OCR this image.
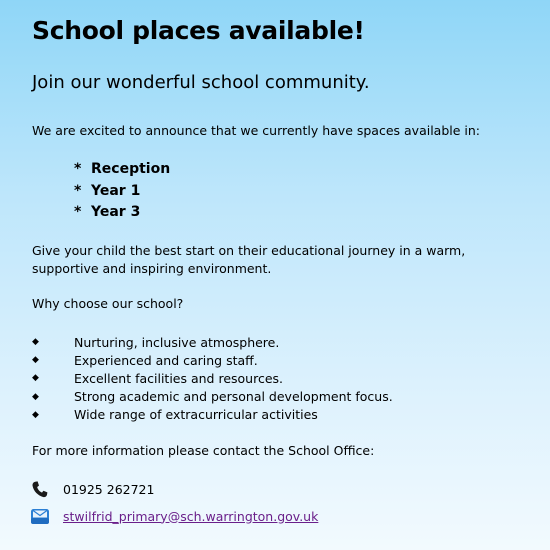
School places available!
Join our wonderful school community.
We are excited to announce that we currently have spaces available in:
* Reception
* Year 1
* Year 3
Give your child the best start on their educational journey in a warm, supportive and inspiring environment.
Why choose our school?
◆	Nurturing, inclusive atmosphere.
◆	Experienced and caring staff.
◆	Excellent facilities and resources.
◆	Strong academic and personal development focus.
◆	Wide range of extracurricular activities
For more information please contact the School Office:
01925 262721
stwilfrid_primary@sch.warrington.gov.uk
